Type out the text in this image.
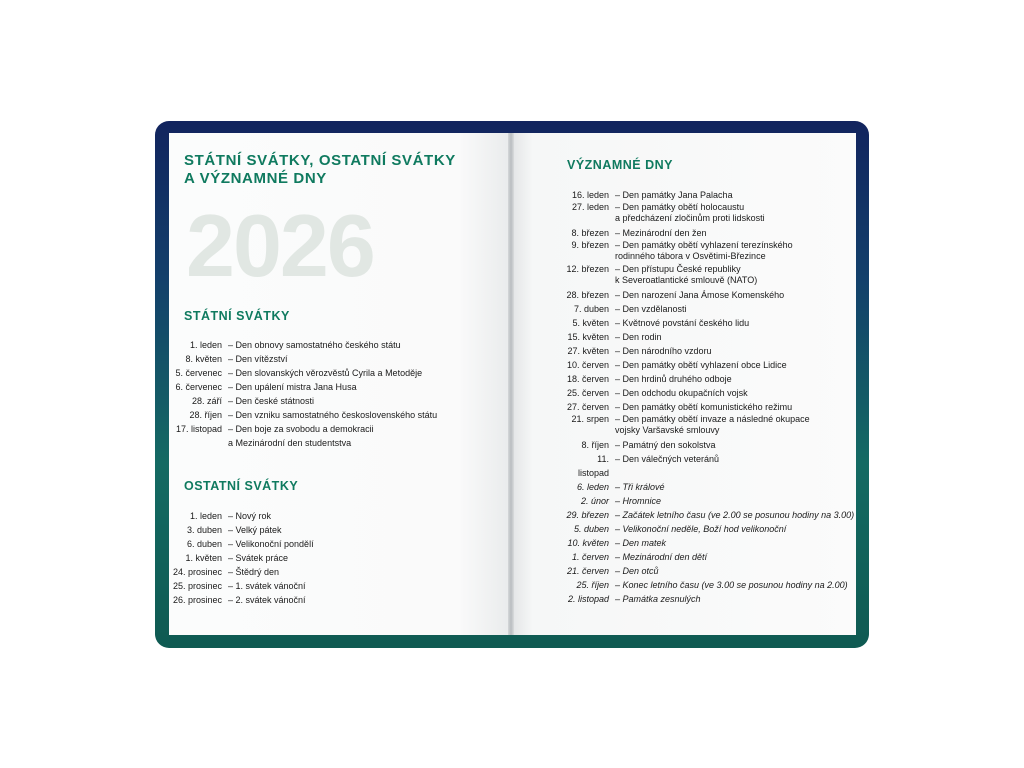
STÁTNÍ SVÁTKY, OSTATNÍ SVÁTKY
A VÝZNAMNÉ DNY
2026
STÁTNÍ SVÁTKY
1. leden – Den obnovy samostatného českého státu
8. květen – Den vítězství
5. červenec – Den slovanských věrozvěstů Cyrila a Metoděje
6. červenec – Den upálení mistra Jana Husa
28. září – Den české státnosti
28. říjen – Den vzniku samostatného československého státu
17. listopad – Den boje za svobodu a demokracii
a Mezinárodní den studentstva
OSTATNÍ SVÁTKY
1. leden – Nový rok
3. duben – Velký pátek
6. duben – Velikonoční pondělí
1. květen – Svátek práce
24. prosinec – Štědrý den
25. prosinec – 1. svátek vánoční
26. prosinec – 2. svátek vánoční
VÝZNAMNÉ DNY
16. leden – Den památky Jana Palacha
27. leden – Den památky obětí holocaustu
a předcházení zločinům proti lidskosti
8. březen – Mezinárodní den žen
9. březen – Den památky obětí vyhlazení terezínského
rodinného tábora v Osvětimi-Březince
12. březen – Den přístupu České republiky
k Severoatlantické smlouvě (NATO)
28. březen – Den narození Jana Ámose Komenského
7. duben – Den vzdělanosti
5. květen – Květnové povstání českého lidu
15. květen – Den rodin
27. květen – Den národního vzdoru
10. červen – Den památky obětí vyhlazení obce Lidice
18. červen – Den hrdinů druhého odboje
25. červen – Den odchodu okupačních vojsk
27. červen – Den památky obětí komunistického režimu
21. srpen – Den památky obětí invaze a následné okupace
vojsky Varšavské smlouvy
8. říjen – Památný den sokolstva
11. listopad
– Den válečných veteránů
6. leden – Tři králové
2. únor – Hromnice
29. březen – Začátek letního času (ve 2.00 se posunou hodiny na 3.00)
5. duben – Velikonoční neděle, Boží hod velikonoční
10. květen – Den matek
1. červen – Mezinárodní den dětí
21. červen – Den otců
25. říjen – Konec letního času (ve 3.00 se posunou hodiny na 2.00)
2. listopad – Památka zesnulých
